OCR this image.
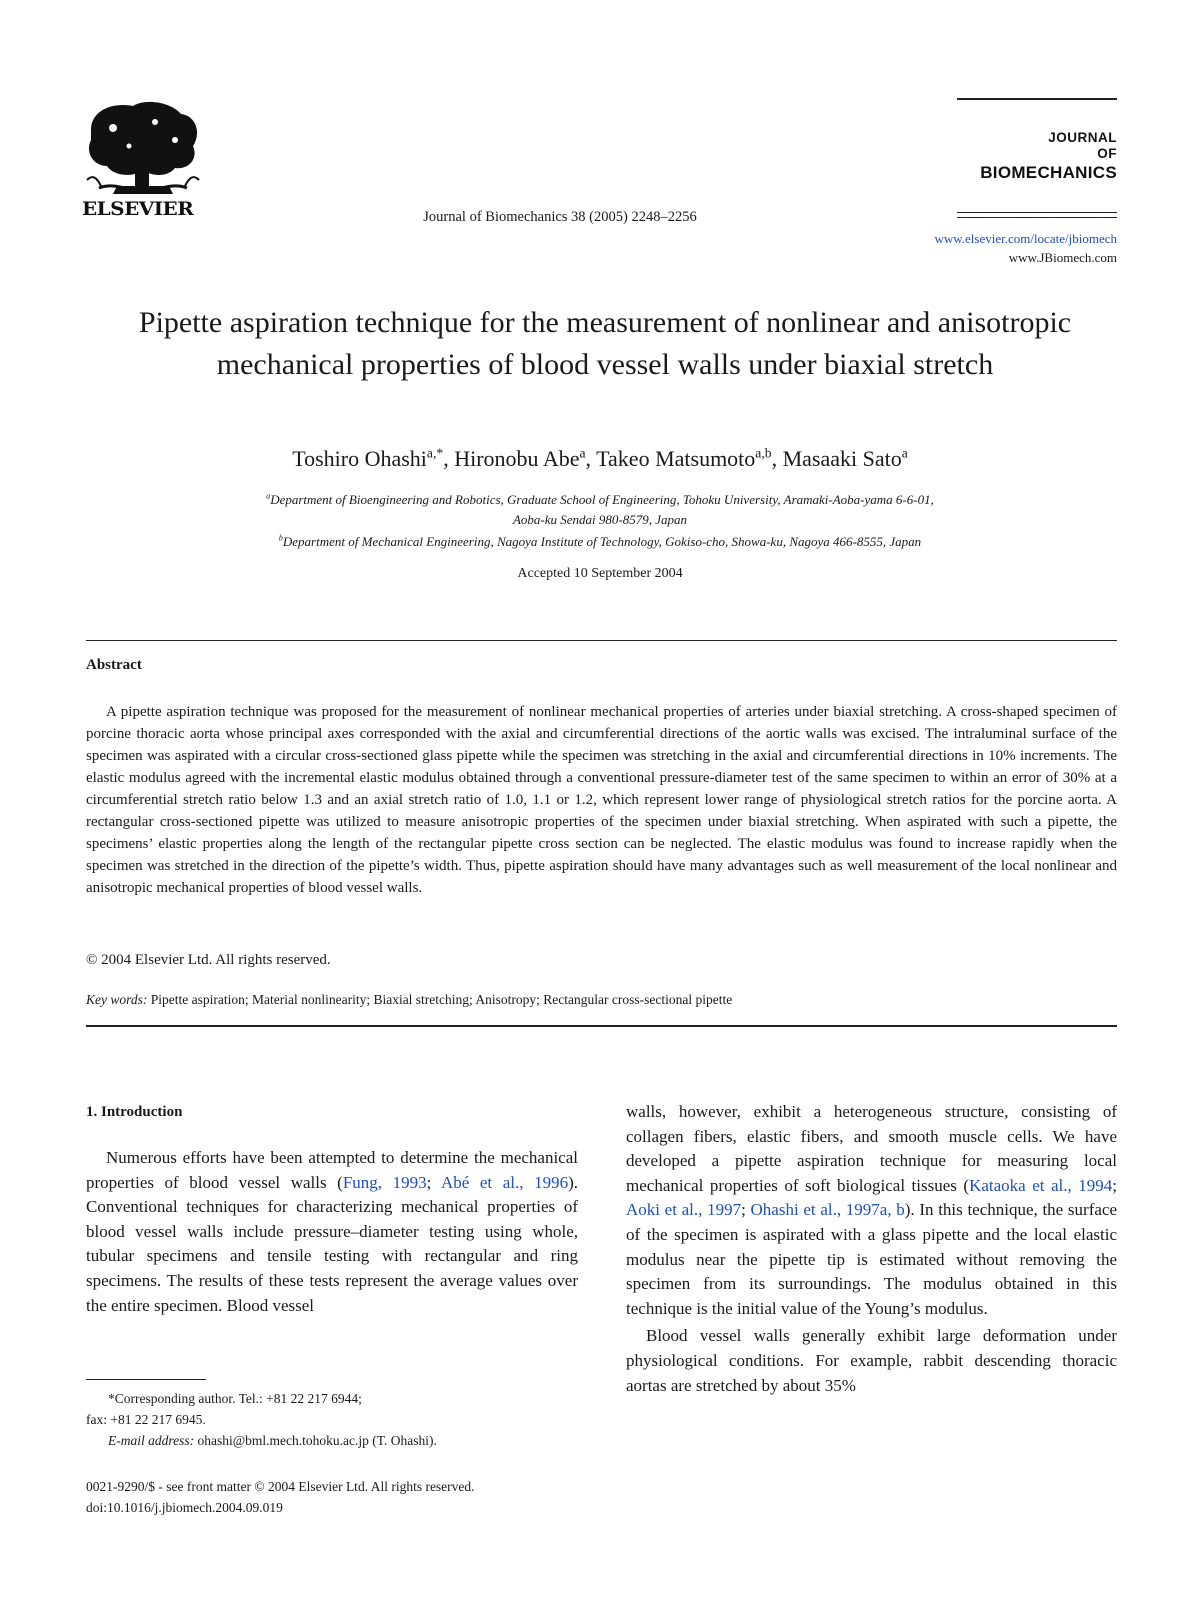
ELSEVIER	Journal of Biomechanics 38 (2005) 2248–2256
JOURNAL
OF
BIOMECHANICS
www.elsevier.com/locate/jbiomech
www.JBiomech.com
Pipette aspiration technique for the measurement of nonlinear and anisotropic mechanical properties of blood vessel walls under biaxial stretch
Toshiro Ohashi$^{a,*}$, Hironobu Abe$^a$, Takeo Matsumoto$^{a,b}$, Masaaki Sato$^a$
$^a$Department of Bioengineering and Robotics, Graduate School of Engineering, Tohoku University, Aramaki-Aoba-yama 6-6-01,
Aoba-ku Sendai 980-8579, Japan
$^b$Department of Mechanical Engineering, Nagoya Institute of Technology, Gokiso-cho, Showa-ku, Nagoya 466-8555, Japan
Accepted 10 September 2004
Abstract
A pipette aspiration technique was proposed for the measurement of nonlinear mechanical properties of arteries under biaxial stretching. A cross-shaped specimen of porcine thoracic aorta whose principal axes corresponded with the axial and circumferential directions of the aortic walls was excised. The intraluminal surface of the specimen was aspirated with a circular cross-sectioned glass pipette while the specimen was stretching in the axial and circumferential directions in 10% increments. The elastic modulus agreed with the incremental elastic modulus obtained through a conventional pressure-diameter test of the same specimen to within an error of 30% at a circumferential stretch ratio below 1.3 and an axial stretch ratio of 1.0, 1.1 or 1.2, which represent lower range of physiological stretch ratios for the porcine aorta. A rectangular cross-sectioned pipette was utilized to measure anisotropic properties of the specimen under biaxial stretching. When aspirated with such a pipette, the specimens’ elastic properties along the length of the rectangular pipette cross section can be neglected. The elastic modulus was found to increase rapidly when the specimen was stretched in the direction of the pipette’s width. Thus, pipette aspiration should have many advantages such as well measurement of the local nonlinear and anisotropic mechanical properties of blood vessel walls.
© 2004 Elsevier Ltd. All rights reserved.
Key words: Pipette aspiration; Material nonlinearity; Biaxial stretching; Anisotropy; Rectangular cross-sectional pipette
1. Introduction
Numerous efforts have been attempted to determine the mechanical properties of blood vessel walls (Fung, 1993; Abé et al., 1996). Conventional techniques for characterizing mechanical properties of blood vessel walls include pressure–diameter testing using whole, tubular specimens and tensile testing with rectangular and ring specimens. The results of these tests represent the average values over the entire specimen. Blood vessel
walls, however, exhibit a heterogeneous structure, consisting of collagen fibers, elastic fibers, and smooth muscle cells. We have developed a pipette aspiration technique for measuring local mechanical properties of soft biological tissues (Kataoka et al., 1994; Aoki et al., 1997; Ohashi et al., 1997a, b). In this technique, the surface of the specimen is aspirated with a glass pipette and the local elastic modulus near the pipette tip is estimated without removing the specimen from its surroundings. The modulus obtained in this technique is the initial value of the Young’s modulus.
Blood vessel walls generally exhibit large deformation under physiological conditions. For example, rabbit descending thoracic aortas are stretched by about 35%
*Corresponding author. Tel.: +81 22 217 6944;
fax: +81 22 217 6945.
E-mail address: ohashi@bml.mech.tohoku.ac.jp (T. Ohashi).
0021-9290/$ - see front matter © 2004 Elsevier Ltd. All rights reserved.
doi:10.1016/j.jbiomech.2004.09.019
